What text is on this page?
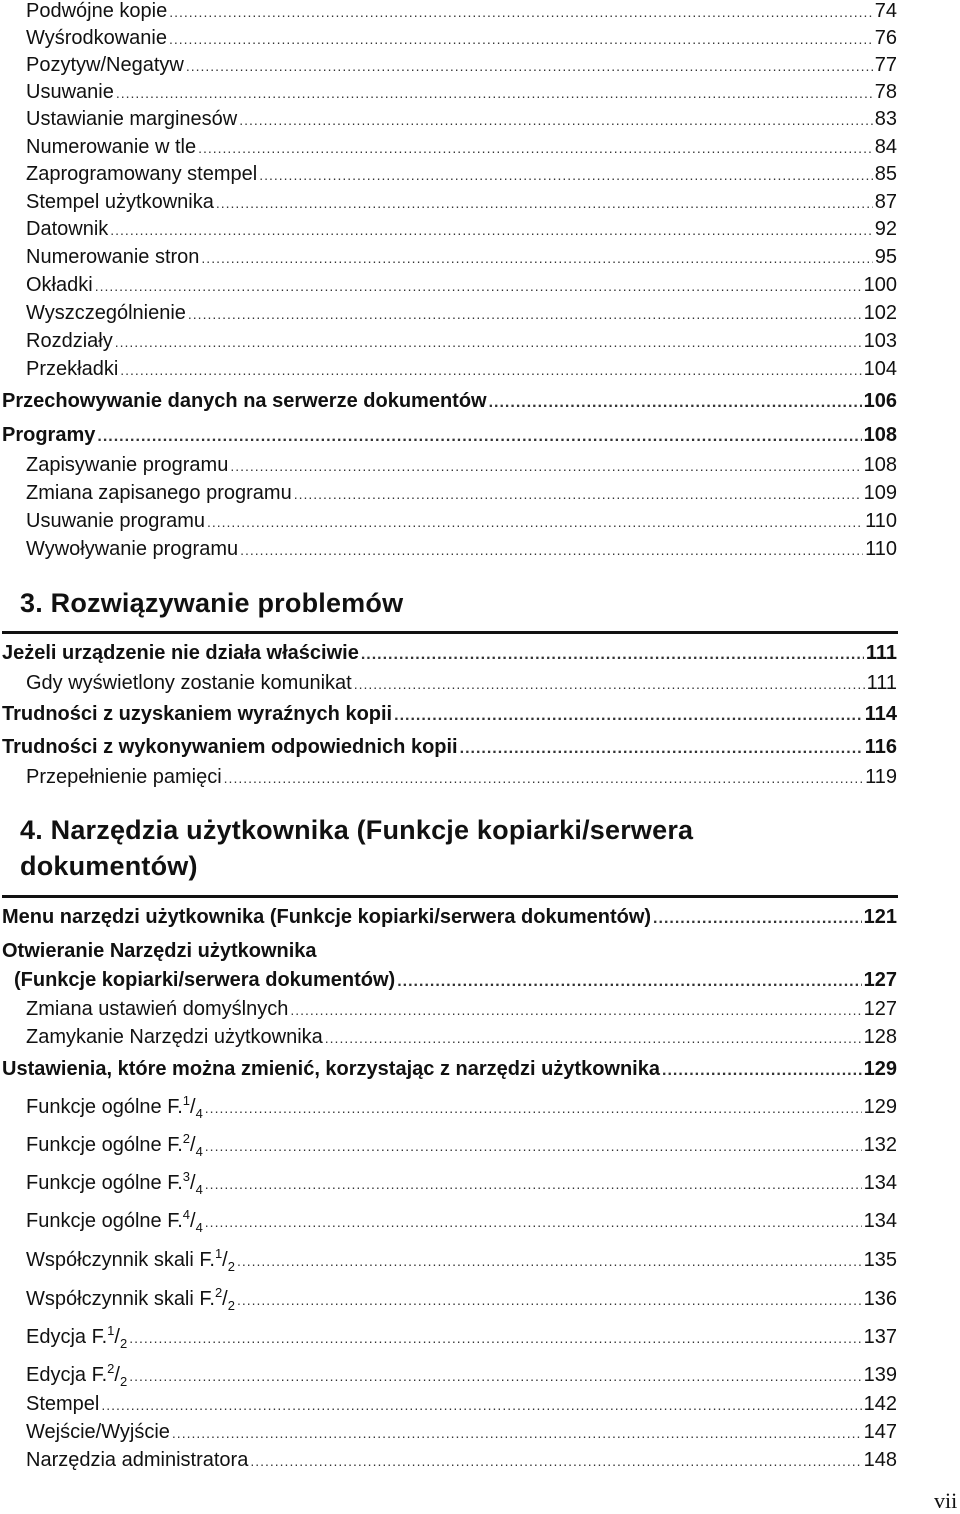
Podwójne kopie .....	74
Wyśrodkowanie .....	76
Pozytyw/Negatyw .....	77
Usuwanie .....	78
Ustawianie marginesów .....	83
Numerowanie w tle .....	84
Zaprogramowany stempel .....	85
Stempel użytkownika .....	87
Datownik .....	92
Numerowanie stron .....	95
Okładki .....	100
Wyszczególnienie .....	102
Rozdziały .....	103
Przekładki .....	104
Przechowywanie danych na serwerze dokumentów .....	106
Programy .....	108
Zapisywanie programu .....	108
Zmiana zapisanego programu .....	109
Usuwanie programu .....	110
Wywoływanie programu .....	110
3. Rozwiązywanie problemów
Jeżeli urządzenie nie działa właściwie .....	111
Gdy wyświetlony zostanie komunikat .....	111
Trudności z uzyskaniem wyraźnych kopii .....	114
Trudności z wykonywaniem odpowiednich kopii .....	116
Przepełnienie pamięci .....	119
4. Narzędzia użytkownika (Funkcje kopiarki/serwera
dokumentów)
Menu narzędzi użytkownika (Funkcje kopiarki/serwera dokumentów) .....	121
Otwieranie Narzędzi użytkownika
(Funkcje kopiarki/serwera dokumentów) .....	127
Zmiana ustawień domyślnych .....	127
Zamykanie Narzędzi użytkownika .....	128
Ustawienia, które można zmienić, korzystając z narzędzi użytkownika .....	129
Funkcje ogólne $F.^1/_4$ .....	129
Funkcje ogólne $F.^2/_4$ .....	132
Funkcje ogólne $F.^3/_4$ .....	134
Funkcje ogólne $F.^4/_4$ .....	134
Współczynnik skali $F.^1/_2$ .....	135
Współczynnik skali $F.^2/_2$ .....	136
Edycja $F.^1/_2$ .....	137
Edycja $F.^2/_2$ .....	139
Stempel .....	142
Wejście/Wyjście .....	147
Narzędzia administratora .....	148
vii
